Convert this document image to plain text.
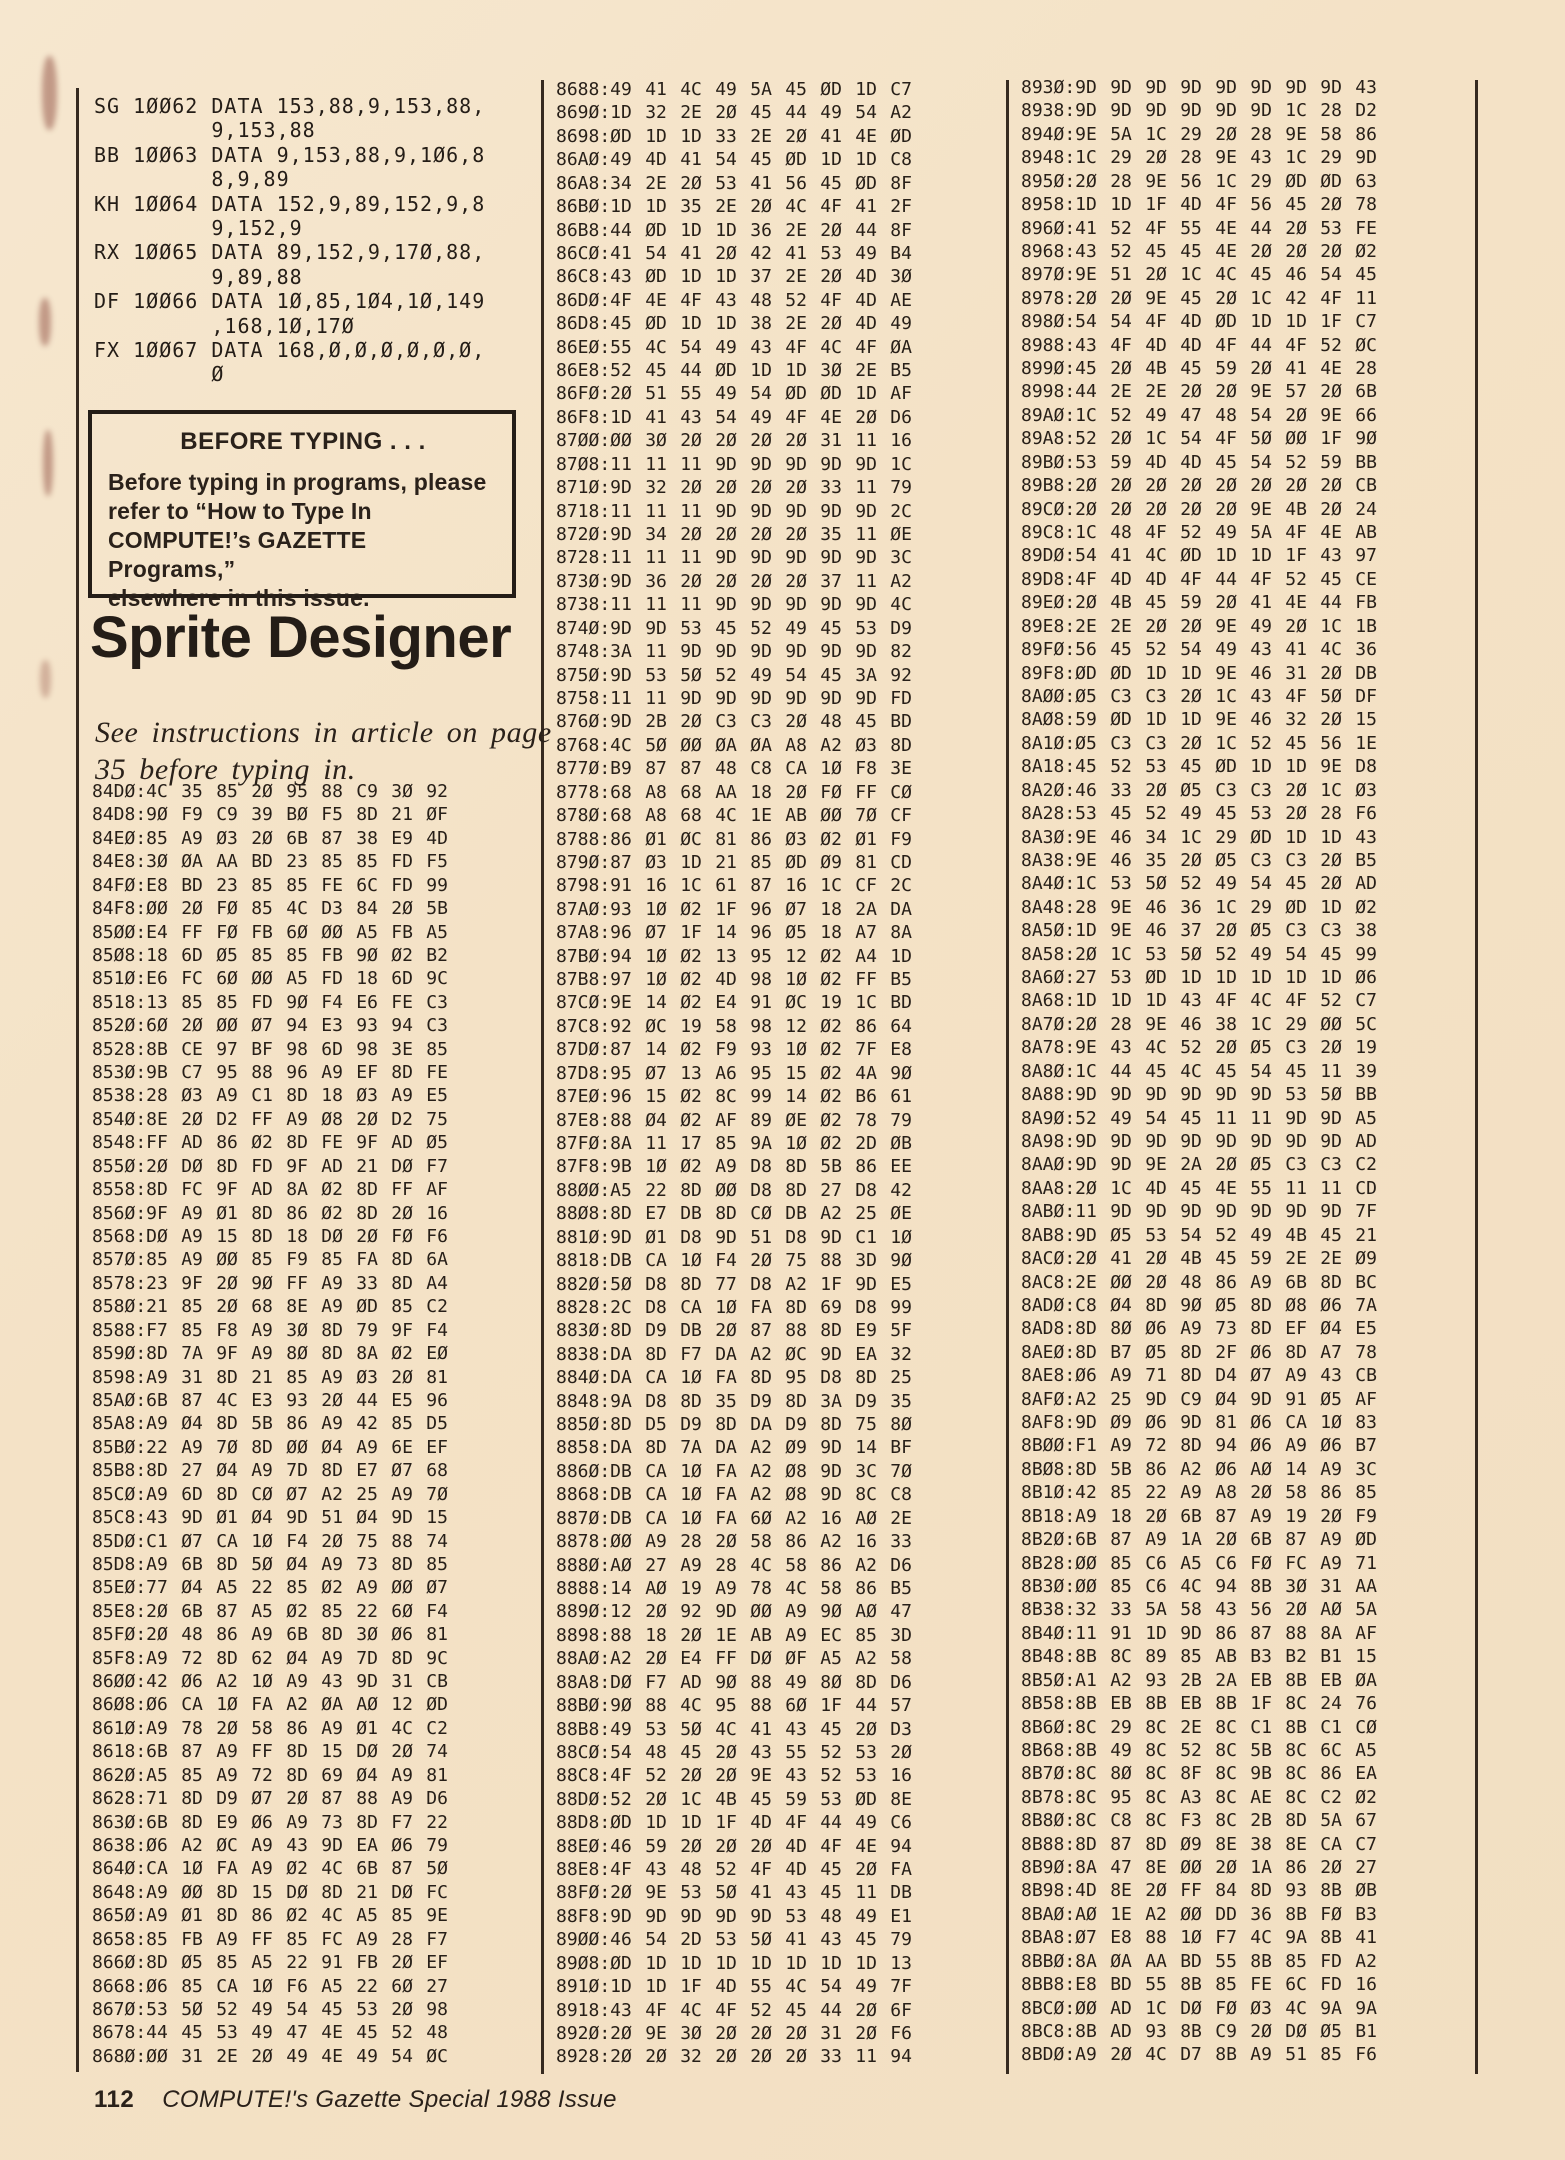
SG 1ØØ62 DATA 153,88,9,153,88,
9,153,88
BB 1ØØ63 DATA 9,153,88,9,1Ø6,8
8,9,89
KH 1ØØ64 DATA 152,9,89,152,9,8
9,152,9
RX 1ØØ65 DATA 89,152,9,17Ø,88,
9,89,88
DF 1ØØ66 DATA 1Ø,85,1Ø4,1Ø,149
,168,1Ø,17Ø
FX 1ØØ67 DATA 168,Ø,Ø,Ø,Ø,Ø,Ø,
Ø
BEFORE TYPING . . .
Before typing in programs, please
refer to “How to Type In
COMPUTE!’s GAZETTE Programs,”
elsewhere in this issue.
Sprite Designer
See instructions in article on page
35 before typing in.
84DØ:4C 35 85 2Ø 95 88 C9 3Ø 92
84D8:9Ø F9 C9 39 BØ F5 8D 21 ØF
84EØ:85 A9 Ø3 2Ø 6B 87 38 E9 4D
84E8:3Ø ØA AA BD 23 85 85 FD F5
84FØ:E8 BD 23 85 85 FE 6C FD 99
84F8:ØØ 2Ø FØ 85 4C D3 84 2Ø 5B
85ØØ:E4 FF FØ FB 6Ø ØØ A5 FB A5
85Ø8:18 6D Ø5 85 85 FB 9Ø Ø2 B2
851Ø:E6 FC 6Ø ØØ A5 FD 18 6D 9C
8518:13 85 85 FD 9Ø F4 E6 FE C3
852Ø:6Ø 2Ø ØØ Ø7 94 E3 93 94 C3
8528:8B CE 97 BF 98 6D 98 3E 85
853Ø:9B C7 95 88 96 A9 EF 8D FE
8538:28 Ø3 A9 C1 8D 18 Ø3 A9 E5
854Ø:8E 2Ø D2 FF A9 Ø8 2Ø D2 75
8548:FF AD 86 Ø2 8D FE 9F AD Ø5
855Ø:2Ø DØ 8D FD 9F AD 21 DØ F7
8558:8D FC 9F AD 8A Ø2 8D FF AF
856Ø:9F A9 Ø1 8D 86 Ø2 8D 2Ø 16
8568:DØ A9 15 8D 18 DØ 2Ø FØ F6
857Ø:85 A9 ØØ 85 F9 85 FA 8D 6A
8578:23 9F 2Ø 9Ø FF A9 33 8D A4
858Ø:21 85 2Ø 68 8E A9 ØD 85 C2
8588:F7 85 F8 A9 3Ø 8D 79 9F F4
859Ø:8D 7A 9F A9 8Ø 8D 8A Ø2 EØ
8598:A9 31 8D 21 85 A9 Ø3 2Ø 81
85AØ:6B 87 4C E3 93 2Ø 44 E5 96
85A8:A9 Ø4 8D 5B 86 A9 42 85 D5
85BØ:22 A9 7Ø 8D ØØ Ø4 A9 6E EF
85B8:8D 27 Ø4 A9 7D 8D E7 Ø7 68
85CØ:A9 6D 8D CØ Ø7 A2 25 A9 7Ø
85C8:43 9D Ø1 Ø4 9D 51 Ø4 9D 15
85DØ:C1 Ø7 CA 1Ø F4 2Ø 75 88 74
85D8:A9 6B 8D 5Ø Ø4 A9 73 8D 85
85EØ:77 Ø4 A5 22 85 Ø2 A9 ØØ Ø7
85E8:2Ø 6B 87 A5 Ø2 85 22 6Ø F4
85FØ:2Ø 48 86 A9 6B 8D 3Ø Ø6 81
85F8:A9 72 8D 62 Ø4 A9 7D 8D 9C
86ØØ:42 Ø6 A2 1Ø A9 43 9D 31 CB
86Ø8:Ø6 CA 1Ø FA A2 ØA AØ 12 ØD
861Ø:A9 78 2Ø 58 86 A9 Ø1 4C C2
8618:6B 87 A9 FF 8D 15 DØ 2Ø 74
862Ø:A5 85 A9 72 8D 69 Ø4 A9 81
8628:71 8D D9 Ø7 2Ø 87 88 A9 D6
863Ø:6B 8D E9 Ø6 A9 73 8D F7 22
8638:Ø6 A2 ØC A9 43 9D EA Ø6 79
864Ø:CA 1Ø FA A9 Ø2 4C 6B 87 5Ø
8648:A9 ØØ 8D 15 DØ 8D 21 DØ FC
865Ø:A9 Ø1 8D 86 Ø2 4C A5 85 9E
8658:85 FB A9 FF 85 FC A9 28 F7
866Ø:8D Ø5 85 A5 22 91 FB 2Ø EF
8668:Ø6 85 CA 1Ø F6 A5 22 6Ø 27
867Ø:53 5Ø 52 49 54 45 53 2Ø 98
8678:44 45 53 49 47 4E 45 52 48
868Ø:ØØ 31 2E 2Ø 49 4E 49 54 ØC
8688:49 41 4C 49 5A 45 ØD 1D C7
869Ø:1D 32 2E 2Ø 45 44 49 54 A2
8698:ØD 1D 1D 33 2E 2Ø 41 4E ØD
86AØ:49 4D 41 54 45 ØD 1D 1D C8
86A8:34 2E 2Ø 53 41 56 45 ØD 8F
86BØ:1D 1D 35 2E 2Ø 4C 4F 41 2F
86B8:44 ØD 1D 1D 36 2E 2Ø 44 8F
86CØ:41 54 41 2Ø 42 41 53 49 B4
86C8:43 ØD 1D 1D 37 2E 2Ø 4D 3Ø
86DØ:4F 4E 4F 43 48 52 4F 4D AE
86D8:45 ØD 1D 1D 38 2E 2Ø 4D 49
86EØ:55 4C 54 49 43 4F 4C 4F ØA
86E8:52 45 44 ØD 1D 1D 3Ø 2E B5
86FØ:2Ø 51 55 49 54 ØD ØD 1D AF
86F8:1D 41 43 54 49 4F 4E 2Ø D6
87ØØ:ØØ 3Ø 2Ø 2Ø 2Ø 2Ø 31 11 16
87Ø8:11 11 11 9D 9D 9D 9D 9D 1C
871Ø:9D 32 2Ø 2Ø 2Ø 2Ø 33 11 79
8718:11 11 11 9D 9D 9D 9D 9D 2C
872Ø:9D 34 2Ø 2Ø 2Ø 2Ø 35 11 ØE
8728:11 11 11 9D 9D 9D 9D 9D 3C
873Ø:9D 36 2Ø 2Ø 2Ø 2Ø 37 11 A2
8738:11 11 11 9D 9D 9D 9D 9D 4C
874Ø:9D 9D 53 45 52 49 45 53 D9
8748:3A 11 9D 9D 9D 9D 9D 9D 82
875Ø:9D 53 5Ø 52 49 54 45 3A 92
8758:11 11 9D 9D 9D 9D 9D 9D FD
876Ø:9D 2B 2Ø C3 C3 2Ø 48 45 BD
8768:4C 5Ø ØØ ØA ØA A8 A2 Ø3 8D
877Ø:B9 87 87 48 C8 CA 1Ø F8 3E
8778:68 A8 68 AA 18 2Ø FØ FF CØ
878Ø:68 A8 68 4C 1E AB ØØ 7Ø CF
8788:86 Ø1 ØC 81 86 Ø3 Ø2 Ø1 F9
879Ø:87 Ø3 1D 21 85 ØD Ø9 81 CD
8798:91 16 1C 61 87 16 1C CF 2C
87AØ:93 1Ø Ø2 1F 96 Ø7 18 2A DA
87A8:96 Ø7 1F 14 96 Ø5 18 A7 8A
87BØ:94 1Ø Ø2 13 95 12 Ø2 A4 1D
87B8:97 1Ø Ø2 4D 98 1Ø Ø2 FF B5
87CØ:9E 14 Ø2 E4 91 ØC 19 1C BD
87C8:92 ØC 19 58 98 12 Ø2 86 64
87DØ:87 14 Ø2 F9 93 1Ø Ø2 7F E8
87D8:95 Ø7 13 A6 95 15 Ø2 4A 9Ø
87EØ:96 15 Ø2 8C 99 14 Ø2 B6 61
87E8:88 Ø4 Ø2 AF 89 ØE Ø2 78 79
87FØ:8A 11 17 85 9A 1Ø Ø2 2D ØB
87F8:9B 1Ø Ø2 A9 D8 8D 5B 86 EE
88ØØ:A5 22 8D ØØ D8 8D 27 D8 42
88Ø8:8D E7 DB 8D CØ DB A2 25 ØE
881Ø:9D Ø1 D8 9D 51 D8 9D C1 1Ø
8818:DB CA 1Ø F4 2Ø 75 88 3D 9Ø
882Ø:5Ø D8 8D 77 D8 A2 1F 9D E5
8828:2C D8 CA 1Ø FA 8D 69 D8 99
883Ø:8D D9 DB 2Ø 87 88 8D E9 5F
8838:DA 8D F7 DA A2 ØC 9D EA 32
884Ø:DA CA 1Ø FA 8D 95 D8 8D 25
8848:9A D8 8D 35 D9 8D 3A D9 35
885Ø:8D D5 D9 8D DA D9 8D 75 8Ø
8858:DA 8D 7A DA A2 Ø9 9D 14 BF
886Ø:DB CA 1Ø FA A2 Ø8 9D 3C 7Ø
8868:DB CA 1Ø FA A2 Ø8 9D 8C C8
887Ø:DB CA 1Ø FA 6Ø A2 16 AØ 2E
8878:ØØ A9 28 2Ø 58 86 A2 16 33
888Ø:AØ 27 A9 28 4C 58 86 A2 D6
8888:14 AØ 19 A9 78 4C 58 86 B5
889Ø:12 2Ø 92 9D ØØ A9 9Ø AØ 47
8898:88 18 2Ø 1E AB A9 EC 85 3D
88AØ:A2 2Ø E4 FF DØ ØF A5 A2 58
88A8:DØ F7 AD 9Ø 88 49 8Ø 8D D6
88BØ:9Ø 88 4C 95 88 6Ø 1F 44 57
88B8:49 53 5Ø 4C 41 43 45 2Ø D3
88CØ:54 48 45 2Ø 43 55 52 53 2Ø
88C8:4F 52 2Ø 2Ø 9E 43 52 53 16
88DØ:52 2Ø 1C 4B 45 59 53 ØD 8E
88D8:ØD 1D 1D 1F 4D 4F 44 49 C6
88EØ:46 59 2Ø 2Ø 2Ø 4D 4F 4E 94
88E8:4F 43 48 52 4F 4D 45 2Ø FA
88FØ:2Ø 9E 53 5Ø 41 43 45 11 DB
88F8:9D 9D 9D 9D 9D 53 48 49 E1
89ØØ:46 54 2D 53 5Ø 41 43 45 79
89Ø8:ØD 1D 1D 1D 1D 1D 1D 1D 13
891Ø:1D 1D 1F 4D 55 4C 54 49 7F
8918:43 4F 4C 4F 52 45 44 2Ø 6F
892Ø:2Ø 9E 3Ø 2Ø 2Ø 2Ø 31 2Ø F6
8928:2Ø 2Ø 32 2Ø 2Ø 2Ø 33 11 94
893Ø:9D 9D 9D 9D 9D 9D 9D 9D 43
8938:9D 9D 9D 9D 9D 9D 1C 28 D2
894Ø:9E 5A 1C 29 2Ø 28 9E 58 86
8948:1C 29 2Ø 28 9E 43 1C 29 9D
895Ø:2Ø 28 9E 56 1C 29 ØD ØD 63
8958:1D 1D 1F 4D 4F 56 45 2Ø 78
896Ø:41 52 4F 55 4E 44 2Ø 53 FE
8968:43 52 45 45 4E 2Ø 2Ø 2Ø Ø2
897Ø:9E 51 2Ø 1C 4C 45 46 54 45
8978:2Ø 2Ø 9E 45 2Ø 1C 42 4F 11
898Ø:54 54 4F 4D ØD 1D 1D 1F C7
8988:43 4F 4D 4D 4F 44 4F 52 ØC
899Ø:45 2Ø 4B 45 59 2Ø 41 4E 28
8998:44 2E 2E 2Ø 2Ø 9E 57 2Ø 6B
89AØ:1C 52 49 47 48 54 2Ø 9E 66
89A8:52 2Ø 1C 54 4F 5Ø ØØ 1F 9Ø
89BØ:53 59 4D 4D 45 54 52 59 BB
89B8:2Ø 2Ø 2Ø 2Ø 2Ø 2Ø 2Ø 2Ø CB
89CØ:2Ø 2Ø 2Ø 2Ø 2Ø 9E 4B 2Ø 24
89C8:1C 48 4F 52 49 5A 4F 4E AB
89DØ:54 41 4C ØD 1D 1D 1F 43 97
89D8:4F 4D 4D 4F 44 4F 52 45 CE
89EØ:2Ø 4B 45 59 2Ø 41 4E 44 FB
89E8:2E 2E 2Ø 2Ø 9E 49 2Ø 1C 1B
89FØ:56 45 52 54 49 43 41 4C 36
89F8:ØD ØD 1D 1D 9E 46 31 2Ø DB
8AØØ:Ø5 C3 C3 2Ø 1C 43 4F 5Ø DF
8AØ8:59 ØD 1D 1D 9E 46 32 2Ø 15
8A1Ø:Ø5 C3 C3 2Ø 1C 52 45 56 1E
8A18:45 52 53 45 ØD 1D 1D 9E D8
8A2Ø:46 33 2Ø Ø5 C3 C3 2Ø 1C Ø3
8A28:53 45 52 49 45 53 2Ø 28 F6
8A3Ø:9E 46 34 1C 29 ØD 1D 1D 43
8A38:9E 46 35 2Ø Ø5 C3 C3 2Ø B5
8A4Ø:1C 53 5Ø 52 49 54 45 2Ø AD
8A48:28 9E 46 36 1C 29 ØD 1D Ø2
8A5Ø:1D 9E 46 37 2Ø Ø5 C3 C3 38
8A58:2Ø 1C 53 5Ø 52 49 54 45 99
8A6Ø:27 53 ØD 1D 1D 1D 1D 1D Ø6
8A68:1D 1D 1D 43 4F 4C 4F 52 C7
8A7Ø:2Ø 28 9E 46 38 1C 29 ØØ 5C
8A78:9E 43 4C 52 2Ø Ø5 C3 2Ø 19
8A8Ø:1C 44 45 4C 45 54 45 11 39
8A88:9D 9D 9D 9D 9D 9D 53 5Ø BB
8A9Ø:52 49 54 45 11 11 9D 9D A5
8A98:9D 9D 9D 9D 9D 9D 9D 9D AD
8AAØ:9D 9D 9E 2A 2Ø Ø5 C3 C3 C2
8AA8:2Ø 1C 4D 45 4E 55 11 11 CD
8ABØ:11 9D 9D 9D 9D 9D 9D 9D 7F
8AB8:9D Ø5 53 54 52 49 4B 45 21
8ACØ:2Ø 41 2Ø 4B 45 59 2E 2E Ø9
8AC8:2E ØØ 2Ø 48 86 A9 6B 8D BC
8ADØ:C8 Ø4 8D 9Ø Ø5 8D Ø8 Ø6 7A
8AD8:8D 8Ø Ø6 A9 73 8D EF Ø4 E5
8AEØ:8D B7 Ø5 8D 2F Ø6 8D A7 78
8AE8:Ø6 A9 71 8D D4 Ø7 A9 43 CB
8AFØ:A2 25 9D C9 Ø4 9D 91 Ø5 AF
8AF8:9D Ø9 Ø6 9D 81 Ø6 CA 1Ø 83
8BØØ:F1 A9 72 8D 94 Ø6 A9 Ø6 B7
8BØ8:8D 5B 86 A2 Ø6 AØ 14 A9 3C
8B1Ø:42 85 22 A9 A8 2Ø 58 86 85
8B18:A9 18 2Ø 6B 87 A9 19 2Ø F9
8B2Ø:6B 87 A9 1A 2Ø 6B 87 A9 ØD
8B28:ØØ 85 C6 A5 C6 FØ FC A9 71
8B3Ø:ØØ 85 C6 4C 94 8B 3Ø 31 AA
8B38:32 33 5A 58 43 56 2Ø AØ 5A
8B4Ø:11 91 1D 9D 86 87 88 8A AF
8B48:8B 8C 89 85 AB B3 B2 B1 15
8B5Ø:A1 A2 93 2B 2A EB 8B EB ØA
8B58:8B EB 8B EB 8B 1F 8C 24 76
8B6Ø:8C 29 8C 2E 8C C1 8B C1 CØ
8B68:8B 49 8C 52 8C 5B 8C 6C A5
8B7Ø:8C 8Ø 8C 8F 8C 9B 8C 86 EA
8B78:8C 95 8C A3 8C AE 8C C2 Ø2
8B8Ø:8C C8 8C F3 8C 2B 8D 5A 67
8B88:8D 87 8D Ø9 8E 38 8E CA C7
8B9Ø:8A 47 8E ØØ 2Ø 1A 86 2Ø 27
8B98:4D 8E 2Ø FF 84 8D 93 8B ØB
8BAØ:AØ 1E A2 ØØ DD 36 8B FØ B3
8BA8:Ø7 E8 88 1Ø F7 4C 9A 8B 41
8BBØ:8A ØA AA BD 55 8B 85 FD A2
8BB8:E8 BD 55 8B 85 FE 6C FD 16
8BCØ:ØØ AD 1C DØ FØ Ø3 4C 9A 9A
8BC8:8B AD 93 8B C9 2Ø DØ Ø5 B1
8BDØ:A9 2Ø 4C D7 8B A9 51 85 F6
112 COMPUTE!'s Gazette Special 1988 Issue
